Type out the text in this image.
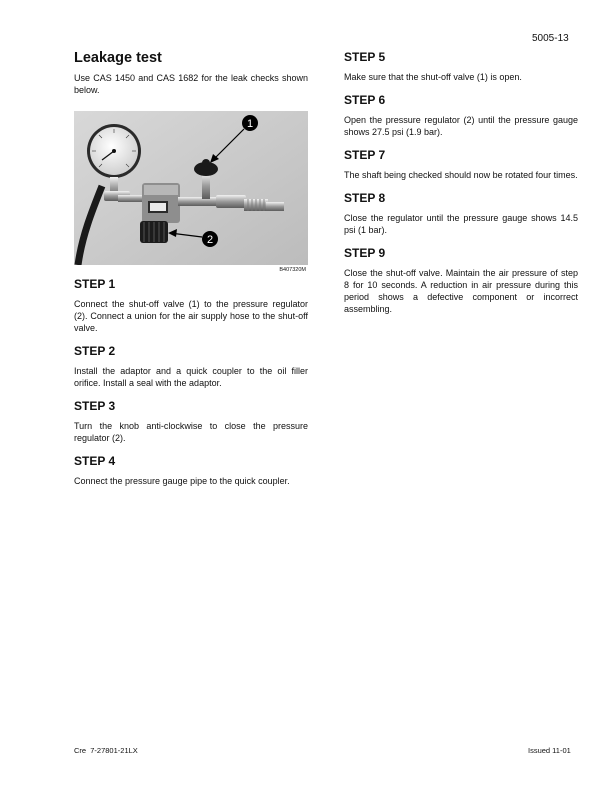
5005-13
Leakage test

Use CAS 1450 and CAS 1682 for the leak checks shown below.

1
2
B407320M
STEP 1

Connect the shut-off valve (1) to the pressure regulator (2). Connect a union for the air supply hose to the shut-off valve.

STEP 2

Install the adaptor and a quick coupler to the oil filler orifice. Install a seal with the adaptor.

STEP 3

Turn the knob anti-clockwise to close the pressure regulator (2).

STEP 4

Connect the pressure gauge pipe to the quick coupler.

STEP 5

Make sure that the shut-off valve (1) is open.

STEP 6

Open the pressure regulator (2) until the pressure gauge shows 27.5 psi (1.9 bar).

STEP 7

The shaft being checked should now be rotated four times.

STEP 8

Close the regulator until the pressure gauge shows 14.5 psi (1 bar).

STEP 9

Close the shut-off valve. Maintain the air pressure of step 8 for 10 seconds. A reduction in air pressure during this period shows a defective component or incorrect assembling.

Cre  7-27801-21LX	Issued 11-01
